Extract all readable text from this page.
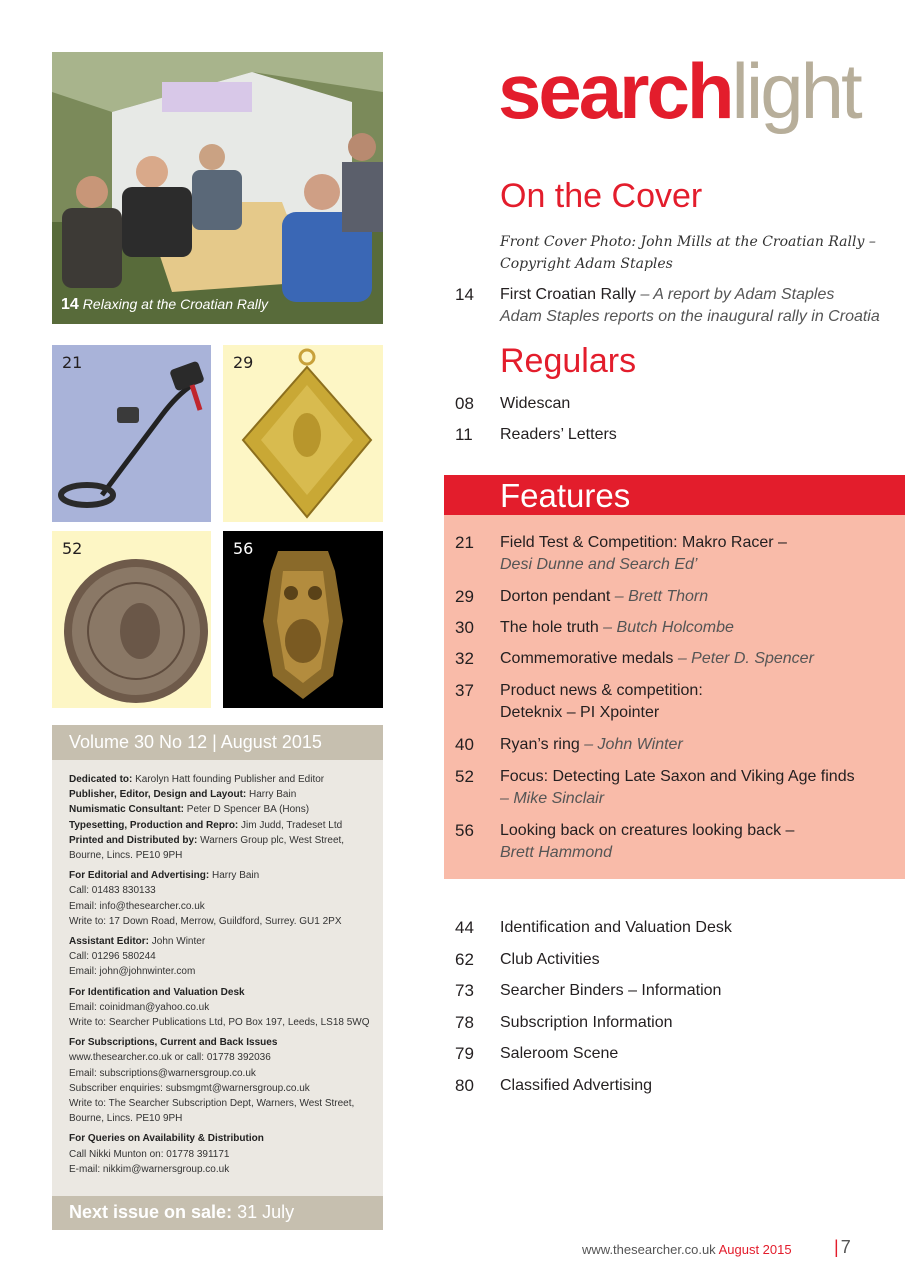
14 Relaxing at the Croatian Rally
21	29
52	56
Volume 30 No 12 | August 2015
Dedicated to: Karolyn Hatt founding Publisher and Editor
Publisher, Editor, Design and Layout: Harry Bain
Numismatic Consultant: Peter D Spencer BA (Hons)
Typesetting, Production and Repro: Jim Judd, Tradeset Ltd
Printed and Distributed by: Warners Group plc, West Street,
Bourne, Lincs. PE10 9PH
For Editorial and Advertising: Harry Bain
Call: 01483 830133
Email: info@thesearcher.co.uk
Write to: 17 Down Road, Merrow, Guildford, Surrey. GU1 2PX
Assistant Editor: John Winter
Call: 01296 580244
Email: john@johnwinter.com
For Identification and Valuation Desk
Email: coinidman@yahoo.co.uk
Write to: Searcher Publications Ltd, PO Box 197, Leeds, LS18 5WQ
For Subscriptions, Current and Back Issues
www.thesearcher.co.uk or call: 01778 392036
Email: subscriptions@warnersgroup.co.uk
Subscriber enquiries: subsmgmt@warnersgroup.co.uk
Write to: The Searcher Subscription Dept, Warners, West Street,
Bourne, Lincs. PE10 9PH
For Queries on Availability & Distribution
Call Nikki Munton on: 01778 391171
E-mail: nikkim@warnersgroup.co.uk
Next issue on sale: 31 July
searchlight
On the Cover
Front Cover Photo: John Mills at the Croatian Rally –
Copyright Adam Staples
14	First Croatian Rally – A report by Adam Staples
Adam Staples reports on the inaugural rally in Croatia
Regulars
08	Widescan
11	Readers’ Letters
Features
21	Field Test & Competition: Makro Racer –
Desi Dunne and Search Ed’
29	Dorton pendant – Brett Thorn
30	The hole truth – Butch Holcombe
32	Commemorative medals – Peter D. Spencer
37	Product news & competition:
Deteknix – PI Xpointer
40	Ryan’s ring – John Winter
52	Focus: Detecting Late Saxon and Viking Age finds
– Mike Sinclair
56	Looking back on creatures looking back –
Brett Hammond
44	Identification and Valuation Desk
62	Club Activities
73	Searcher Binders – Information
78	Subscription Information
79	Saleroom Scene
80	Classified Advertising
www.thesearcher.co.uk August 2015 | 7
